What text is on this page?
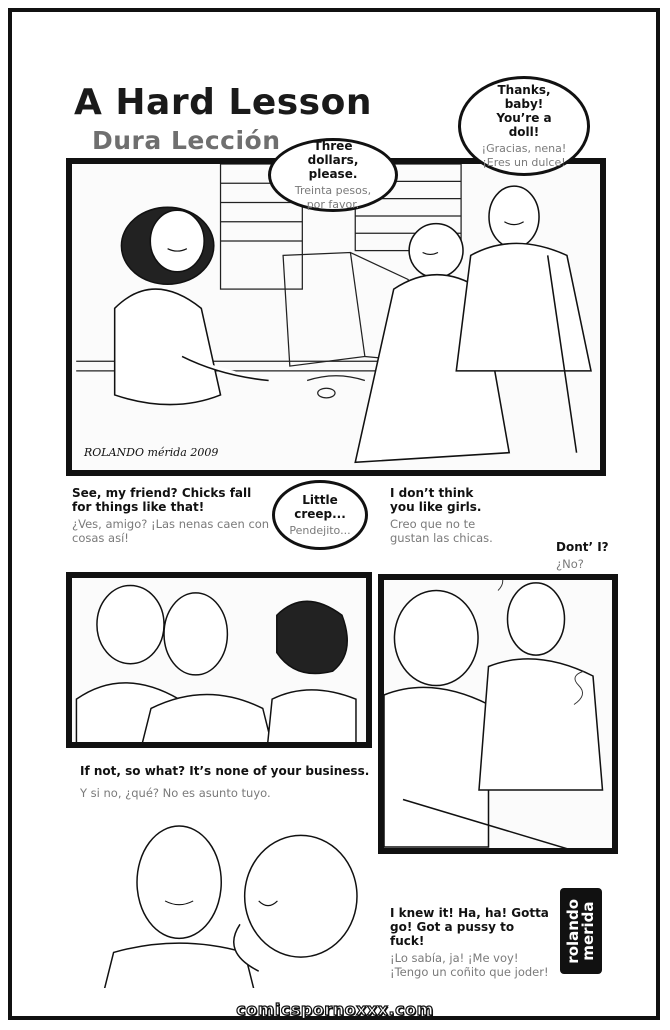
A Hard Lesson
Dura Lección
ROLANDO mérida 2009
Three dollars, please.
Treinta pesos, por favor.
Thanks, baby! You’re a doll!
¡Gracias, nena! ¡Eres un dulce!
See, my friend? Chicks fall for things like that!
¿Ves, amigo? ¡Las nenas caen con cosas así!
Little creep...
Pendejito...
I don’t think you like girls.
Creo que no te gustan las chicas.
Dont’ I?
¿No?
If not, so what? It’s none of your business.
Y si no, ¿qué? No es asunto tuyo.
I knew it! Ha, ha! Gotta go! Got a pussy to fuck!
¡Lo sabía, ja! ¡Me voy! ¡Tengo un coñito que joder!
rolando
merida
comicspornoxxx.com
